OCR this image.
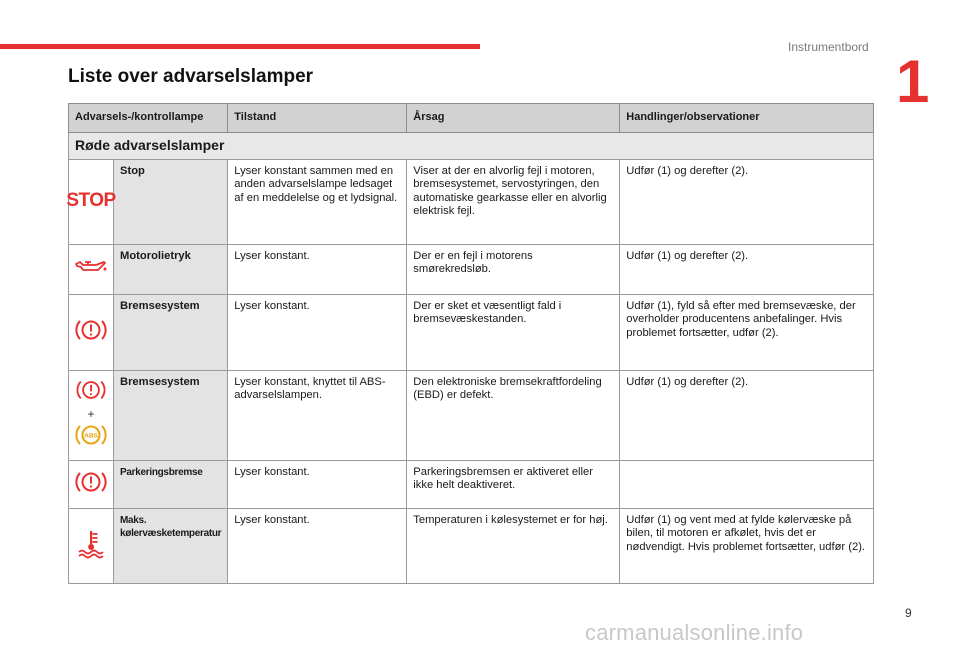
Instrumentbord
1
Liste over advarselslamper
Advarsels-/kontrollampe		Tilstand	Årsag	Handlinger/observationer
Røde advarselslamper				

STOP	Stop	Lyser konstant sammen med en anden advarselslampe ledsaget af en meddelelse og et lydsignal.	Viser at der en alvorlig fejl i motoren, bremsesystemet, servostyringen, den automatiske gearkasse eller en alvorlig elektrisk fejl.	Udfør (1) og derefter (2).
	Motorolietryk	Lyser konstant.	Der er en fejl i motorens smørekredsløb.	Udfør (1) og derefter (2).
	Bremsesystem	Lyser konstant.	Der er sket et væsentligt fald i bremsevæskestanden.	Udfør (1), fyld så efter med bremsevæske, der overholder producentens anbefalinger. Hvis problemet fortsætter, udfør (2).

+
ABS	Bremsesystem	Lyser konstant, knyttet til ABS-advarselslampen.	Den elektroniske bremsekraftfordeling (EBD) er defekt.	Udfør (1) og derefter (2).
	Parkeringsbremse	Lyser konstant.	Parkeringsbremsen er aktiveret eller ikke helt deaktiveret.	
	Maks. kølervæsketemperatur	Lyser konstant.	Temperaturen i kølesystemet er for høj.	Udfør (1) og vent med at fylde kølervæske på bilen, til motoren er afkølet, hvis det er nødvendigt. Hvis problemet fortsætter, udfør (2).
9
carmanualsonline.info
